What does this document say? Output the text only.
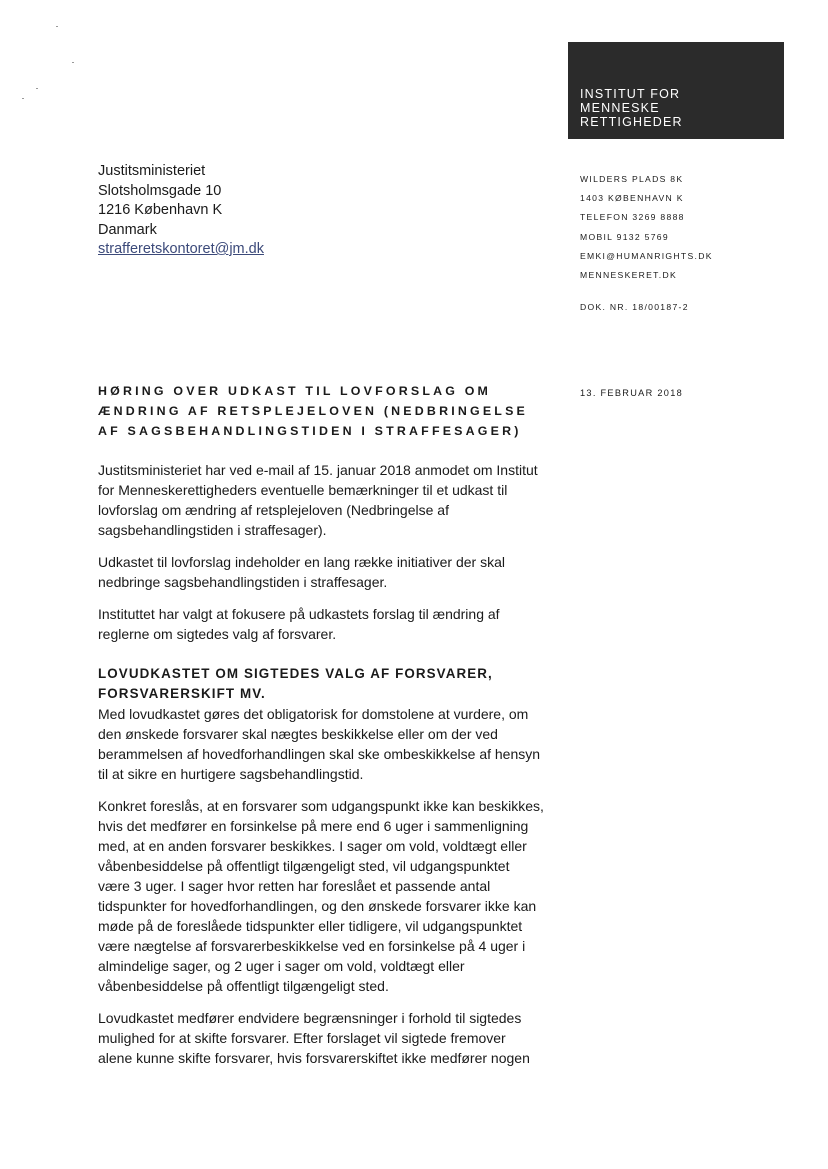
INSTITUT FOR
MENNESKE
RETTIGHEDER
Justitsministeriet
Slotsholmsgade 10
1216 København K
Danmark
strafferetskontoret@jm.dk
WILDERS PLADS 8K
1403 KØBENHAVN K
TELEFON 3269 8888
MOBIL 9132 5769
EMKI@HUMANRIGHTS.DK
MENNESKERET.DK
DOK. NR. 18/00187-2
13. FEBRUAR 2018
HØRING OVER UDKAST TIL LOVFORSLAG OM
ÆNDRING AF RETSPLEJELOVEN (NEDBRINGELSE
AF SAGSBEHANDLINGSTIDEN I STRAFFESAGER)

Justitsministeriet har ved e-mail af 15. januar 2018 anmodet om Institut
for Menneskerettigheders eventuelle bemærkninger til et udkast til
lovforslag om ændring af retsplejeloven (Nedbringelse af
sagsbehandlingstiden i straffesager).

Udkastet til lovforslag indeholder en lang række initiativer der skal
nedbringe sagsbehandlingstiden i straffesager.

Instituttet har valgt at fokusere på udkastets forslag til ændring af
reglerne om sigtedes valg af forsvarer.

LOVUDKASTET OM SIGTEDES VALG AF FORSVARER,
FORSVARERSKIFT MV.

Med lovudkastet gøres det obligatorisk for domstolene at vurdere, om
den ønskede forsvarer skal nægtes beskikkelse eller om der ved
berammelsen af hovedforhandlingen skal ske ombeskikkelse af hensyn
til at sikre en hurtigere sagsbehandlingstid.

Konkret foreslås, at en forsvarer som udgangspunkt ikke kan beskikkes,
hvis det medfører en forsinkelse på mere end 6 uger i sammenligning
med, at en anden forsvarer beskikkes. I sager om vold, voldtægt eller
våbenbesiddelse på offentligt tilgængeligt sted, vil udgangspunktet
være 3 uger. I sager hvor retten har foreslået et passende antal
tidspunkter for hovedforhandlingen, og den ønskede forsvarer ikke kan
møde på de foreslåede tidspunkter eller tidligere, vil udgangspunktet
være nægtelse af forsvarerbeskikkelse ved en forsinkelse på 4 uger i
almindelige sager, og 2 uger i sager om vold, voldtægt eller
våbenbesiddelse på offentligt tilgængeligt sted.

Lovudkastet medfører endvidere begrænsninger i forhold til sigtedes
mulighed for at skifte forsvarer. Efter forslaget vil sigtede fremover
alene kunne skifte forsvarer, hvis forsvarerskiftet ikke medfører nogen
